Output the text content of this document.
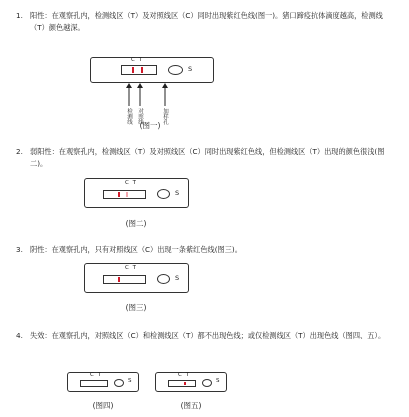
1. 阳性：在观察孔内，检测线区（T）及对照线区（C）同时出现紫红色线(图一)。猪口蹄疫抗体滴度越高，检测线（T）颜色越深。
C T
S
检测线 对照线	加样孔
(图一)
2. 弱阳性：在观察孔内，检测线区（T）及对照线区（C）同时出现紫红色线，但检测线区（T）出现的颜色很浅(图二)。
C T
S
(图二)
3. 阴性：在观察孔内，只有对照线区（C）出现一条紫红色线(图三)。
C T
S
(图三)
4. 失效：在观察孔内，对照线区（C）和检测线区（T）都不出现色线；或仅检测线区（T）出现色线（图四、五）。
C T
S
(图四)
C T
S
(图五)
